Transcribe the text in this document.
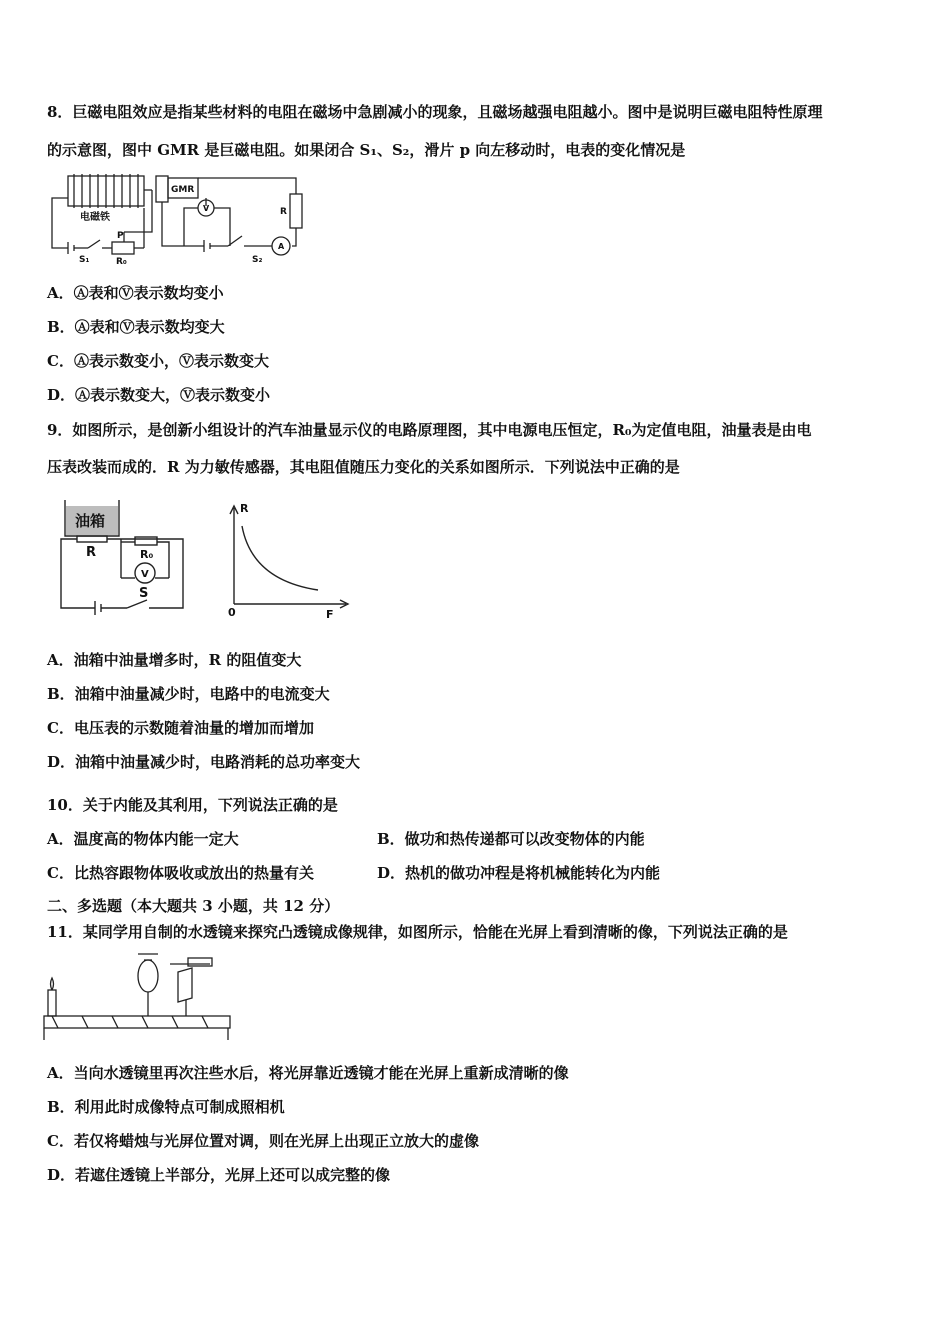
8．巨磁电阻效应是指某些材料的电阻在磁场中急剧减小的现象，且磁场越强电阻越小。图中是说明巨磁电阻特性原理
的示意图，图中 GMR 是巨磁电阻。如果闭合 S₁、S₂，滑片 p 向左移动时，电表的变化情况是
GMR
电磁铁
P
S₁	R₀	S₂
R
V
A
A．Ⓐ表和Ⓥ表示数均变小
B．Ⓐ表和Ⓥ表示数均变大
C．Ⓐ表示数变小，Ⓥ表示数变大
D．Ⓐ表示数变大，Ⓥ表示数变小
9．如图所示，是创新小组设计的汽车油量显示仪的电路原理图，其中电源电压恒定，R₀为定值电阻，油量表是由电
压表改装而成的．R 为力敏传感器，其电阻值随压力变化的关系如图所示．下列说法中正确的是
油箱
R	R₀
V
S
R
F
0
A．油箱中油量增多时，R 的阻值变大
B．油箱中油量减少时，电路中的电流变大
C．电压表的示数随着油量的增加而增加
D．油箱中油量减少时，电路消耗的总功率变大
10．关于内能及其利用，下列说法正确的是
A．温度高的物体内能一定大	B．做功和热传递都可以改变物体的内能
C．比热容跟物体吸收或放出的热量有关	D．热机的做功冲程是将机械能转化为内能
二、多选题（本大题共 3 小题，共 12 分）
11．某同学用自制的水透镜来探究凸透镜成像规律，如图所示，恰能在光屏上看到清晰的像，下列说法正确的是
A．当向水透镜里再次注些水后，将光屏靠近透镜才能在光屏上重新成清晰的像
B．利用此时成像特点可制成照相机
C．若仅将蜡烛与光屏位置对调，则在光屏上出现正立放大的虚像
D．若遮住透镜上半部分，光屏上还可以成完整的像
